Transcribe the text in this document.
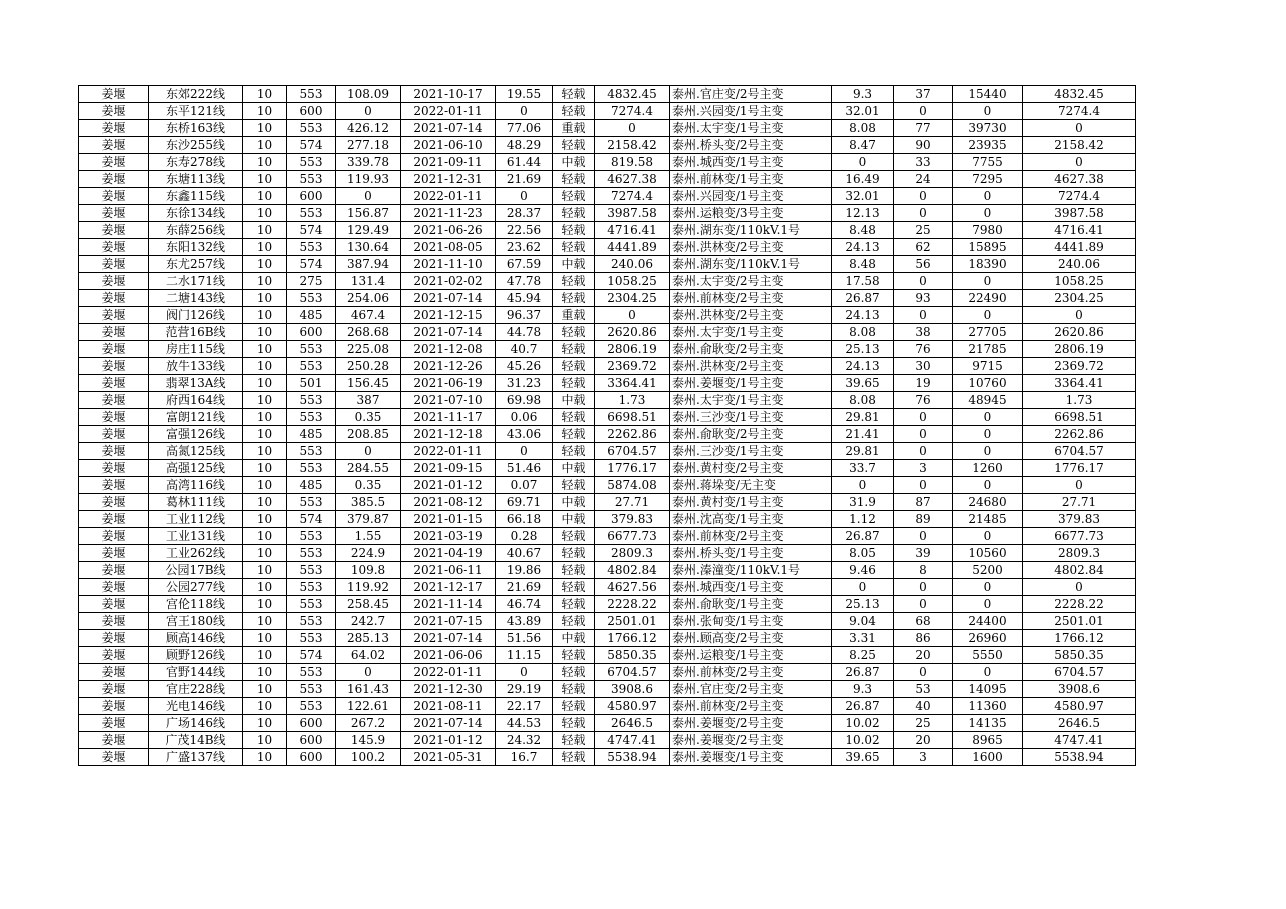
姜堰	东郊222线	10	553	108.09	2021-10-17	19.55	轻载	4832.45	泰州.官庄变/2号主变	9.3	37	15440	4832.45
姜堰	东平121线	10	600	0	2022-01-11	0	轻载	7274.4	泰州.兴园变/1号主变	32.01	0	0	7274.4
姜堰	东桥163线	10	553	426.12	2021-07-14	77.06	重载	0	泰州.太宇变/1号主变	8.08	77	39730	0
姜堰	东沙255线	10	574	277.18	2021-06-10	48.29	轻载	2158.42	泰州.桥头变/2号主变	8.47	90	23935	2158.42
姜堰	东寿278线	10	553	339.78	2021-09-11	61.44	中载	819.58	泰州.城西变/1号主变	0	33	7755	0
姜堰	东塘113线	10	553	119.93	2021-12-31	21.69	轻载	4627.38	泰州.前林变/1号主变	16.49	24	7295	4627.38
姜堰	东鑫115线	10	600	0	2022-01-11	0	轻载	7274.4	泰州.兴园变/1号主变	32.01	0	0	7274.4
姜堰	东徐134线	10	553	156.87	2021-11-23	28.37	轻载	3987.58	泰州.运粮变/3号主变	12.13	0	0	3987.58
姜堰	东薛256线	10	574	129.49	2021-06-26	22.56	轻载	4716.41	泰州.湖东变/110kV.1号	8.48	25	7980	4716.41
姜堰	东阳132线	10	553	130.64	2021-08-05	23.62	轻载	4441.89	泰州.洪林变/2号主变	24.13	62	15895	4441.89
姜堰	东尤257线	10	574	387.94	2021-11-10	67.59	中载	240.06	泰州.湖东变/110kV.1号	8.48	56	18390	240.06
姜堰	二水171线	10	275	131.4	2021-02-02	47.78	轻载	1058.25	泰州.太宇变/2号主变	17.58	0	0	1058.25
姜堰	二塘143线	10	553	254.06	2021-07-14	45.94	轻载	2304.25	泰州.前林变/2号主变	26.87	93	22490	2304.25
姜堰	阀门126线	10	485	467.4	2021-12-15	96.37	重载	0	泰州.洪林变/2号主变	24.13	0	0	0
姜堰	范营16B线	10	600	268.68	2021-07-14	44.78	轻载	2620.86	泰州.太宇变/1号主变	8.08	38	27705	2620.86
姜堰	房庄115线	10	553	225.08	2021-12-08	40.7	轻载	2806.19	泰州.俞耿变/2号主变	25.13	76	21785	2806.19
姜堰	放牛133线	10	553	250.28	2021-12-26	45.26	轻载	2369.72	泰州.洪林变/2号主变	24.13	30	9715	2369.72
姜堰	翡翠13A线	10	501	156.45	2021-06-19	31.23	轻载	3364.41	泰州.姜堰变/1号主变	39.65	19	10760	3364.41
姜堰	府西164线	10	553	387	2021-07-10	69.98	中载	1.73	泰州.太宇变/1号主变	8.08	76	48945	1.73
姜堰	富朗121线	10	553	0.35	2021-11-17	0.06	轻载	6698.51	泰州.三沙变/1号主变	29.81	0	0	6698.51
姜堰	富强126线	10	485	208.85	2021-12-18	43.06	轻载	2262.86	泰州.俞耿变/2号主变	21.41	0	0	2262.86
姜堰	高氮125线	10	553	0	2022-01-11	0	轻载	6704.57	泰州.三沙变/1号主变	29.81	0	0	6704.57
姜堰	高强125线	10	553	284.55	2021-09-15	51.46	中载	1776.17	泰州.黄村变/2号主变	33.7	3	1260	1776.17
姜堰	高湾116线	10	485	0.35	2021-01-12	0.07	轻载	5874.08	泰州.蒋垛变/无主变	0	0	0	0
姜堰	葛林111线	10	553	385.5	2021-08-12	69.71	中载	27.71	泰州.黄村变/1号主变	31.9	87	24680	27.71
姜堰	工业112线	10	574	379.87	2021-01-15	66.18	中载	379.83	泰州.沈高变/1号主变	1.12	89	21485	379.83
姜堰	工业131线	10	553	1.55	2021-03-19	0.28	轻载	6677.73	泰州.前林变/2号主变	26.87	0	0	6677.73
姜堰	工业262线	10	553	224.9	2021-04-19	40.67	轻载	2809.3	泰州.桥头变/1号主变	8.05	39	10560	2809.3
姜堰	公园17B线	10	553	109.8	2021-06-11	19.86	轻载	4802.84	泰州.溱潼变/110kV.1号	9.46	8	5200	4802.84
姜堰	公园277线	10	553	119.92	2021-12-17	21.69	轻载	4627.56	泰州.城西变/1号主变	0	0	0	0
姜堰	宫伦118线	10	553	258.45	2021-11-14	46.74	轻载	2228.22	泰州.俞耿变/1号主变	25.13	0	0	2228.22
姜堰	宫王180线	10	553	242.7	2021-07-15	43.89	轻载	2501.01	泰州.张甸变/1号主变	9.04	68	24400	2501.01
姜堰	顾高146线	10	553	285.13	2021-07-14	51.56	中载	1766.12	泰州.顾高变/2号主变	3.31	86	26960	1766.12
姜堰	顾野126线	10	574	64.02	2021-06-06	11.15	轻载	5850.35	泰州.运粮变/1号主变	8.25	20	5550	5850.35
姜堰	官野144线	10	553	0	2022-01-11	0	轻载	6704.57	泰州.前林变/2号主变	26.87	0	0	6704.57
姜堰	官庄228线	10	553	161.43	2021-12-30	29.19	轻载	3908.6	泰州.官庄变/2号主变	9.3	53	14095	3908.6
姜堰	光电146线	10	553	122.61	2021-08-11	22.17	轻载	4580.97	泰州.前林变/2号主变	26.87	40	11360	4580.97
姜堰	广场146线	10	600	267.2	2021-07-14	44.53	轻载	2646.5	泰州.姜堰变/2号主变	10.02	25	14135	2646.5
姜堰	广茂14B线	10	600	145.9	2021-01-12	24.32	轻载	4747.41	泰州.姜堰变/2号主变	10.02	20	8965	4747.41
姜堰	广盛137线	10	600	100.2	2021-05-31	16.7	轻载	5538.94	泰州.姜堰变/1号主变	39.65	3	1600	5538.94
